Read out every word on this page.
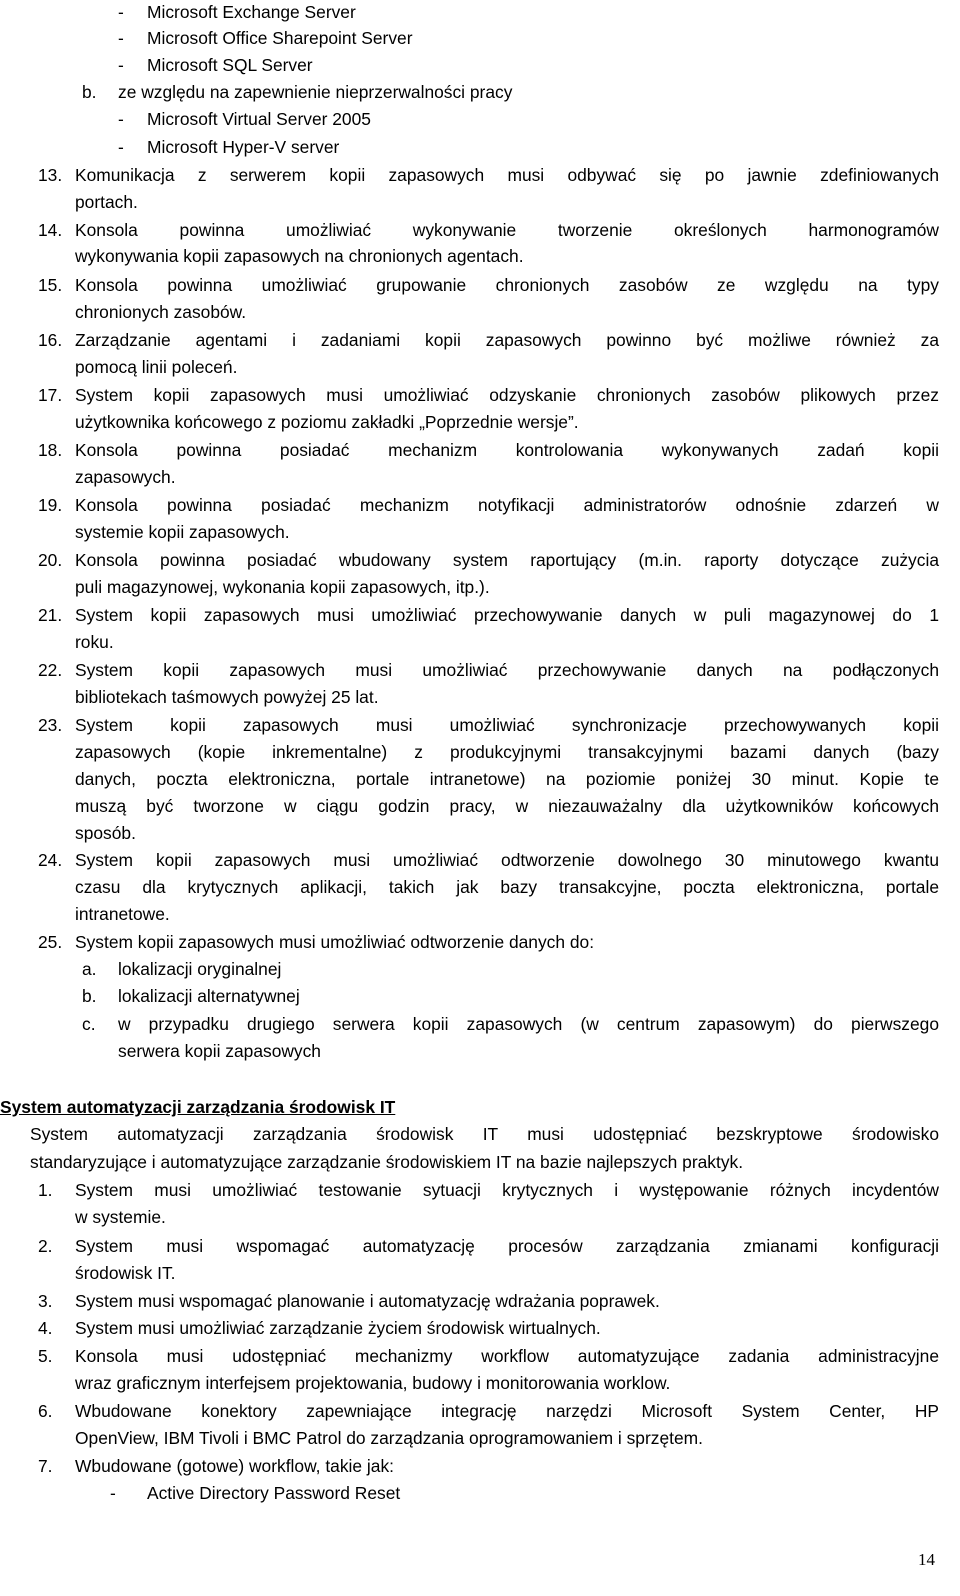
- Microsoft Exchange Server
- Microsoft Office Sharepoint Server
- Microsoft SQL Server
b. ze względu na zapewnienie nieprzerwalności pracy
- Microsoft Virtual Server 2005
- Microsoft Hyper-V server
13. Komunikacja z serwerem kopii zapasowych musi odbywać się po jawnie zdefiniowanych
portach.
14. Konsola powinna umożliwiać wykonywanie tworzenie określonych harmonogramów
wykonywania kopii zapasowych na chronionych agentach.
15. Konsola powinna umożliwiać grupowanie chronionych zasobów ze względu na typy
chronionych zasobów.
16. Zarządzanie agentami i zadaniami kopii zapasowych powinno być możliwe również za
pomocą linii poleceń.
17. System kopii zapasowych musi umożliwiać odzyskanie chronionych zasobów plikowych przez
użytkownika końcowego z poziomu zakładki „Poprzednie wersje”.
18. Konsola powinna posiadać mechanizm kontrolowania wykonywanych zadań kopii
zapasowych.
19. Konsola powinna posiadać mechanizm notyfikacji administratorów odnośnie zdarzeń w
systemie kopii zapasowych.
20. Konsola powinna posiadać wbudowany system raportujący (m.in. raporty dotyczące zużycia
puli magazynowej, wykonania kopii zapasowych, itp.).
21. System kopii zapasowych musi umożliwiać przechowywanie danych w puli magazynowej do 1
roku.
22. System kopii zapasowych musi umożliwiać przechowywanie danych na podłączonych
bibliotekach taśmowych powyżej 25 lat.
23. System kopii zapasowych musi umożliwiać synchronizacje przechowywanych kopii
zapasowych (kopie inkrementalne) z produkcyjnymi transakcyjnymi bazami danych (bazy
danych, poczta elektroniczna, portale intranetowe) na poziomie poniżej 30 minut. Kopie te
muszą być tworzone w ciągu godzin pracy, w niezauważalny dla użytkowników końcowych
sposób.
24. System kopii zapasowych musi umożliwiać odtworzenie dowolnego 30 minutowego kwantu
czasu dla krytycznych aplikacji, takich jak bazy transakcyjne, poczta elektroniczna, portale
intranetowe.
25. System kopii zapasowych musi umożliwiać odtworzenie danych do:
a. lokalizacji oryginalnej
b. lokalizacji alternatywnej
c. w przypadku drugiego serwera kopii zapasowych (w centrum zapasowym) do pierwszego
serwera kopii zapasowych
System automatyzacji zarządzania środowisk IT
System automatyzacji zarządzania środowisk IT musi udostępniać bezskryptowe środowisko
standaryzujące i automatyzujące zarządzanie środowiskiem IT na bazie najlepszych praktyk.
1. System musi umożliwiać testowanie sytuacji krytycznych i występowanie różnych incydentów
w systemie.
2. System musi wspomagać automatyzację procesów zarządzania zmianami konfiguracji
środowisk IT.
3. System musi wspomagać planowanie i automatyzację wdrażania poprawek.
4. System musi umożliwiać zarządzanie życiem środowisk wirtualnych.
5. Konsola musi udostępniać mechanizmy workflow automatyzujące zadania administracyjne
wraz graficznym interfejsem projektowania, budowy i monitorowania worklow.
6. Wbudowane konektory zapewniające integrację narzędzi Microsoft System Center, HP
OpenView, IBM Tivoli i BMC Patrol do zarządzania oprogramowaniem i sprzętem.
7. Wbudowane (gotowe) workflow, takie jak:
- Active Directory Password Reset
14
